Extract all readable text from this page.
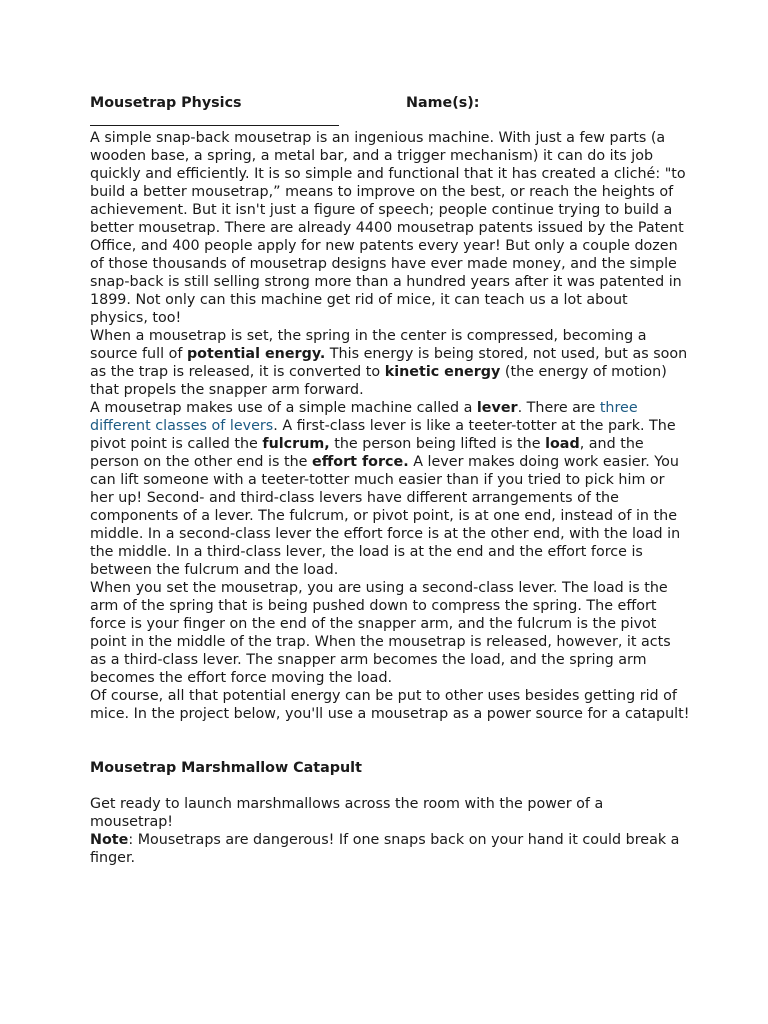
Mousetrap Physics	Name(s):

A simple snap-back mousetrap is an ingenious machine. With just a few parts (a wooden base, a spring, a metal bar, and a trigger mechanism) it can do its job quickly and efficiently. It is so simple and functional that it has created a cliché: "to build a better mousetrap,” means to improve on the best, or reach the heights of achievement. But it isn't just a figure of speech; people continue trying to build a better mousetrap. There are already 4400 mousetrap patents issued by the Patent Office, and 400 people apply for new patents every year! But only a couple dozen of those thousands of mousetrap designs have ever made money, and the simple snap-back is still selling strong more than a hundred years after it was patented in 1899. Not only can this machine get rid of mice, it can teach us a lot about physics, too!

When a mousetrap is set, the spring in the center is compressed, becoming a source full of potential energy. This energy is being stored, not used, but as soon as the trap is released, it is converted to kinetic energy (the energy of motion) that propels the snapper arm forward.

A mousetrap makes use of a simple machine called a lever. There are three different classes of levers. A first-class lever is like a teeter-totter at the park. The pivot point is called the fulcrum, the person being lifted is the load, and the person on the other end is the effort force. A lever makes doing work easier. You can lift someone with a teeter-totter much easier than if you tried to pick him or her up! Second- and third-class levers have different arrangements of the components of a lever. The fulcrum, or pivot point, is at one end, instead of in the middle. In a second-class lever the effort force is at the other end, with the load in the middle. In a third-class lever, the load is at the end and the effort force is between the fulcrum and the load.

When you set the mousetrap, you are using a second-class lever. The load is the arm of the spring that is being pushed down to compress the spring. The effort force is your finger on the end of the snapper arm, and the fulcrum is the pivot point in the middle of the trap. When the mousetrap is released, however, it acts as a third-class lever. The snapper arm becomes the load, and the spring arm becomes the effort force moving the load.

Of course, all that potential energy can be put to other uses besides getting rid of mice. In the project below, you'll use a mousetrap as a power source for a catapult!

Mousetrap Marshmallow Catapult

Get ready to launch marshmallows across the room with the power of a mousetrap!

Note: Mousetraps are dangerous! If one snaps back on your hand it could break a finger.
